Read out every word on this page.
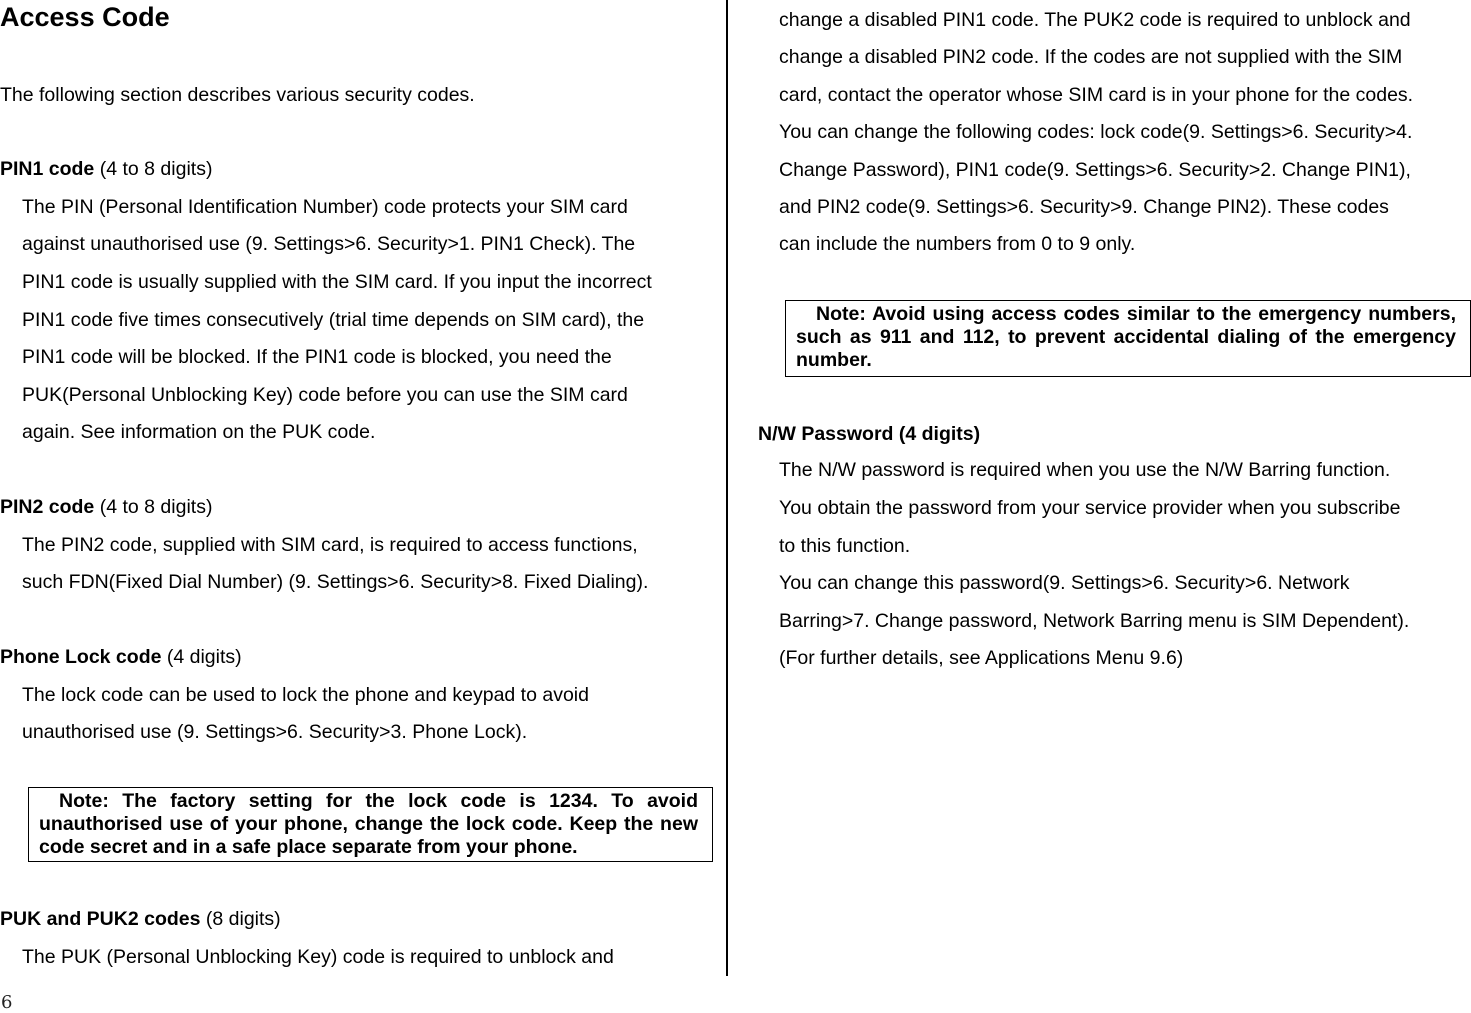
Access Code
The following section describes various security codes.
PIN1 code (4 to 8 digits)
The PIN (Personal Identification Number) code protects your SIM card
against unauthorised use (9. Settings>6. Security>1. PIN1 Check). The
PIN1 code is usually supplied with the SIM card. If you input the incorrect
PIN1 code five times consecutively (trial time depends on SIM card), the
PIN1 code will be blocked. If the PIN1 code is blocked, you need the
PUK(Personal Unblocking Key) code before you can use the SIM card
again. See information on the PUK code.
PIN2 code (4 to 8 digits)
The PIN2 code, supplied with SIM card, is required to access functions,
such FDN(Fixed Dial Number) (9. Settings>6. Security>8. Fixed Dialing).
Phone Lock code (4 digits)
The lock code can be used to lock the phone and keypad to avoid
unauthorised use (9. Settings>6. Security>3. Phone Lock).
Note: The factory setting for the lock code is 1234. To avoid unauthorised use of your phone, change the lock code. Keep the new code secret and in a safe place separate from your phone.
PUK and PUK2 codes (8 digits)
The PUK (Personal Unblocking Key) code is required to unblock and
change a disabled PIN1 code. The PUK2 code is required to unblock and
change a disabled PIN2 code. If the codes are not supplied with the SIM
card, contact the operator whose SIM card is in your phone for the codes.
You can change the following codes: lock code(9. Settings>6. Security>4.
Change Password), PIN1 code(9. Settings>6. Security>2. Change PIN1),
and PIN2 code(9. Settings>6. Security>9. Change PIN2). These codes
can include the numbers from 0 to 9 only.
Note: Avoid using access codes similar to the emergency numbers, such as 911 and 112, to prevent accidental dialing of the emergency number.
N/W Password (4 digits)
The N/W password is required when you use the N/W Barring function.
You obtain the password from your service provider when you subscribe
to this function.
You can change this password(9. Settings>6. Security>6. Network
Barring>7. Change password, Network Barring menu is SIM Dependent).
(For further details, see Applications Menu 9.6)
6
